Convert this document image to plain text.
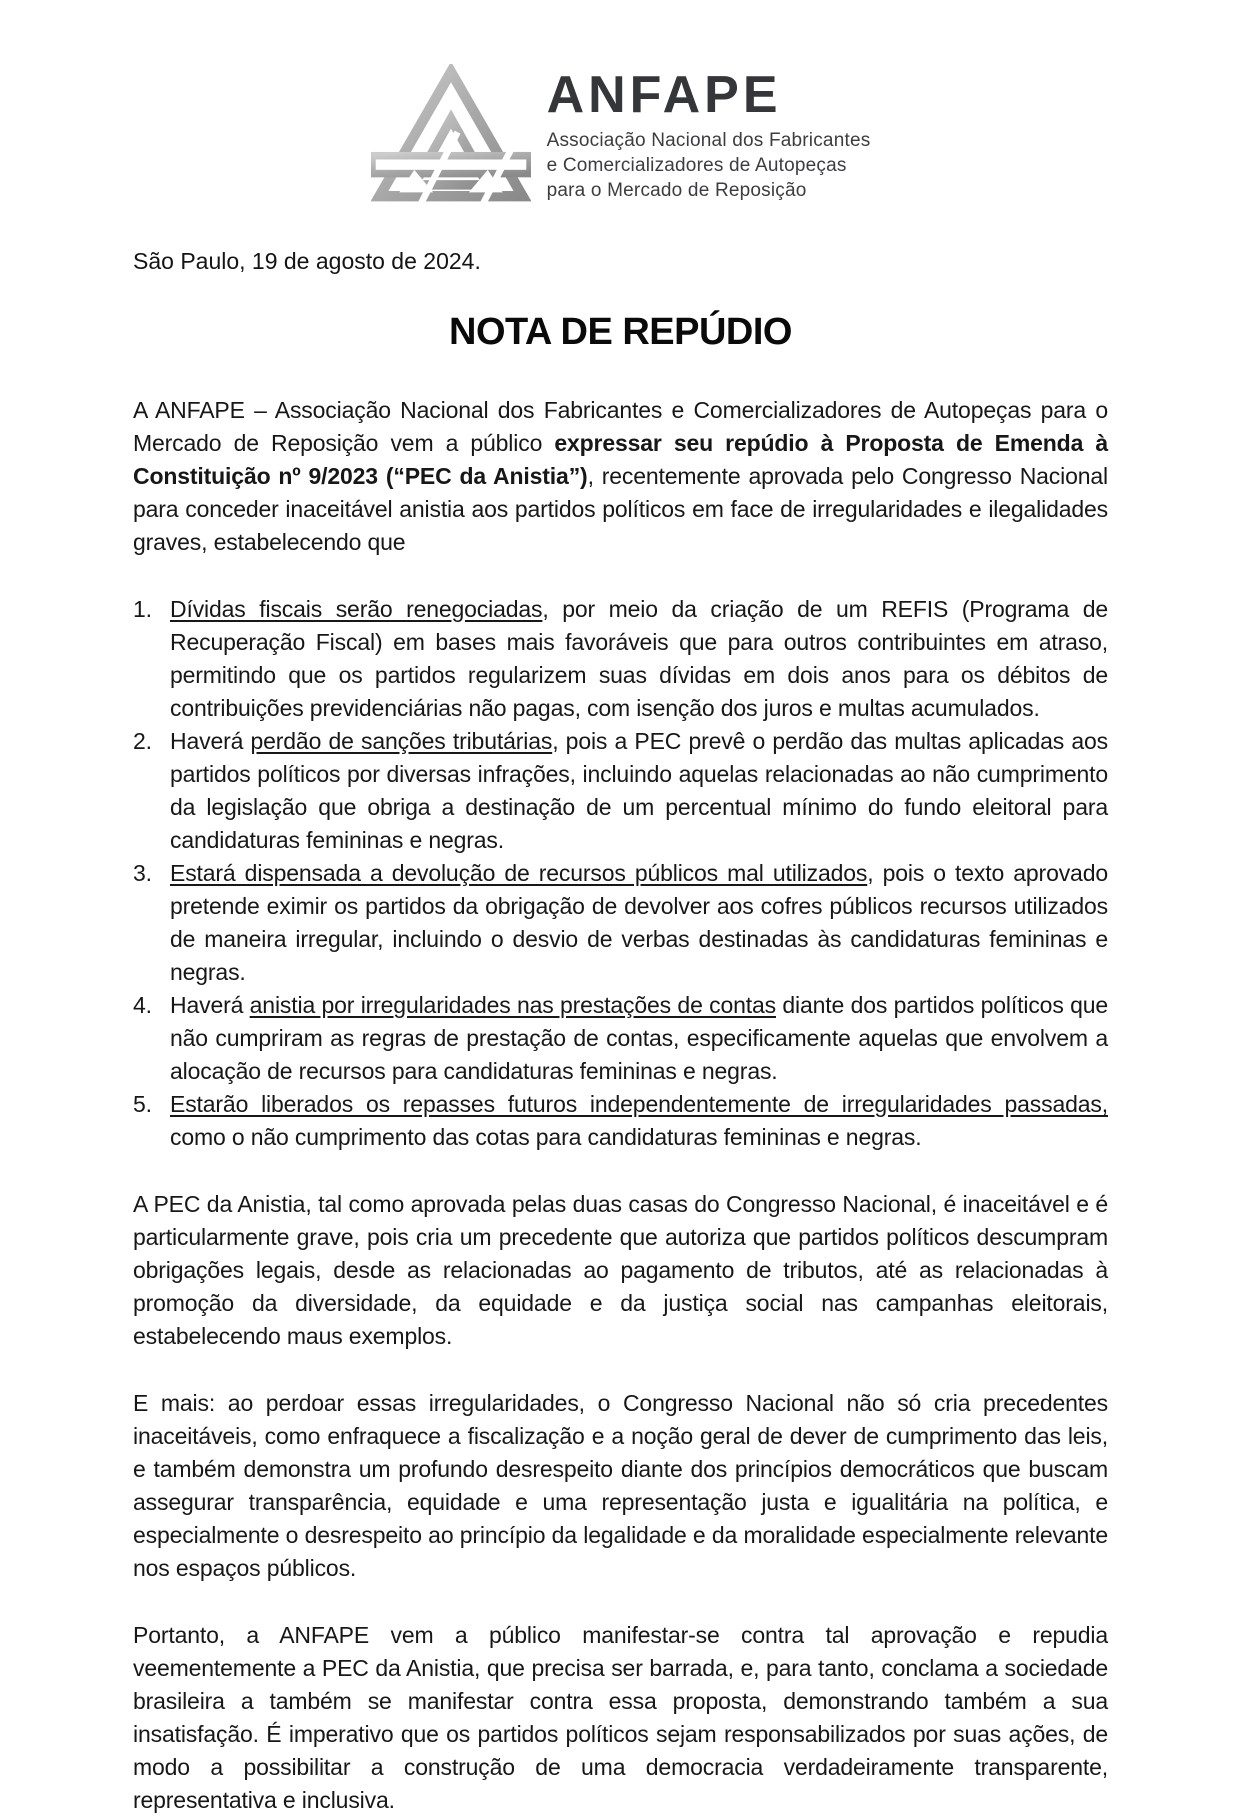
ANFAPE
Associação Nacional dos Fabricantes
e Comercializadores de Autopeças
para o Mercado de Reposição
São Paulo, 19 de agosto de 2024.
NOTA DE REPÚDIO

A ANFAPE – Associação Nacional dos Fabricantes e Comercializadores de Autopeças para o Mercado de Reposição vem a público expressar seu repúdio à Proposta de Emenda à Constituição nº 9/2023 (“PEC da Anistia”), recentemente aprovada pelo Congresso Nacional para conceder inaceitável anistia aos partidos políticos em face de irregularidades e ilegalidades graves, estabelecendo que

1. Dívidas fiscais serão renegociadas, por meio da criação de um REFIS (Programa de Recuperação Fiscal) em bases mais favoráveis que para outros contribuintes em atraso, permitindo que os partidos regularizem suas dívidas em dois anos para os débitos de contribuições previdenciárias não pagas, com isenção dos juros e multas acumulados.
2. Haverá perdão de sanções tributárias, pois a PEC prevê o perdão das multas aplicadas aos partidos políticos por diversas infrações, incluindo aquelas relacionadas ao não cumprimento da legislação que obriga a destinação de um percentual mínimo do fundo eleitoral para candidaturas femininas e negras.
3. Estará dispensada a devolução de recursos públicos mal utilizados, pois o texto aprovado pretende eximir os partidos da obrigação de devolver aos cofres públicos recursos utilizados de maneira irregular, incluindo o desvio de verbas destinadas às candidaturas femininas e negras.
4. Haverá anistia por irregularidades nas prestações de contas diante dos partidos políticos que não cumpriram as regras de prestação de contas, especificamente aquelas que envolvem a alocação de recursos para candidaturas femininas e negras.
5. Estarão liberados os repasses futuros independentemente de irregularidades passadas, como o não cumprimento das cotas para candidaturas femininas e negras.

A PEC da Anistia, tal como aprovada pelas duas casas do Congresso Nacional, é inaceitável e é particularmente grave, pois cria um precedente que autoriza que partidos políticos descumpram obrigações legais, desde as relacionadas ao pagamento de tributos, até as relacionadas à promoção da diversidade, da equidade e da justiça social nas campanhas eleitorais, estabelecendo maus exemplos.

E mais: ao perdoar essas irregularidades, o Congresso Nacional não só cria precedentes inaceitáveis, como enfraquece a fiscalização e a noção geral de dever de cumprimento das leis, e também demonstra um profundo desrespeito diante dos princípios democráticos que buscam assegurar transparência, equidade e uma representação justa e igualitária na política, e especialmente o desrespeito ao princípio da legalidade e da moralidade especialmente relevante nos espaços públicos.

Portanto, a ANFAPE vem a público manifestar-se contra tal aprovação e repudia veementemente a PEC da Anistia, que precisa ser barrada, e, para tanto, conclama a sociedade brasileira a também se manifestar contra essa proposta, demonstrando também a sua insatisfação. É imperativo que os partidos políticos sejam responsabilizados por suas ações, de modo a possibilitar a construção de uma democracia verdadeiramente transparente, representativa e inclusiva.
